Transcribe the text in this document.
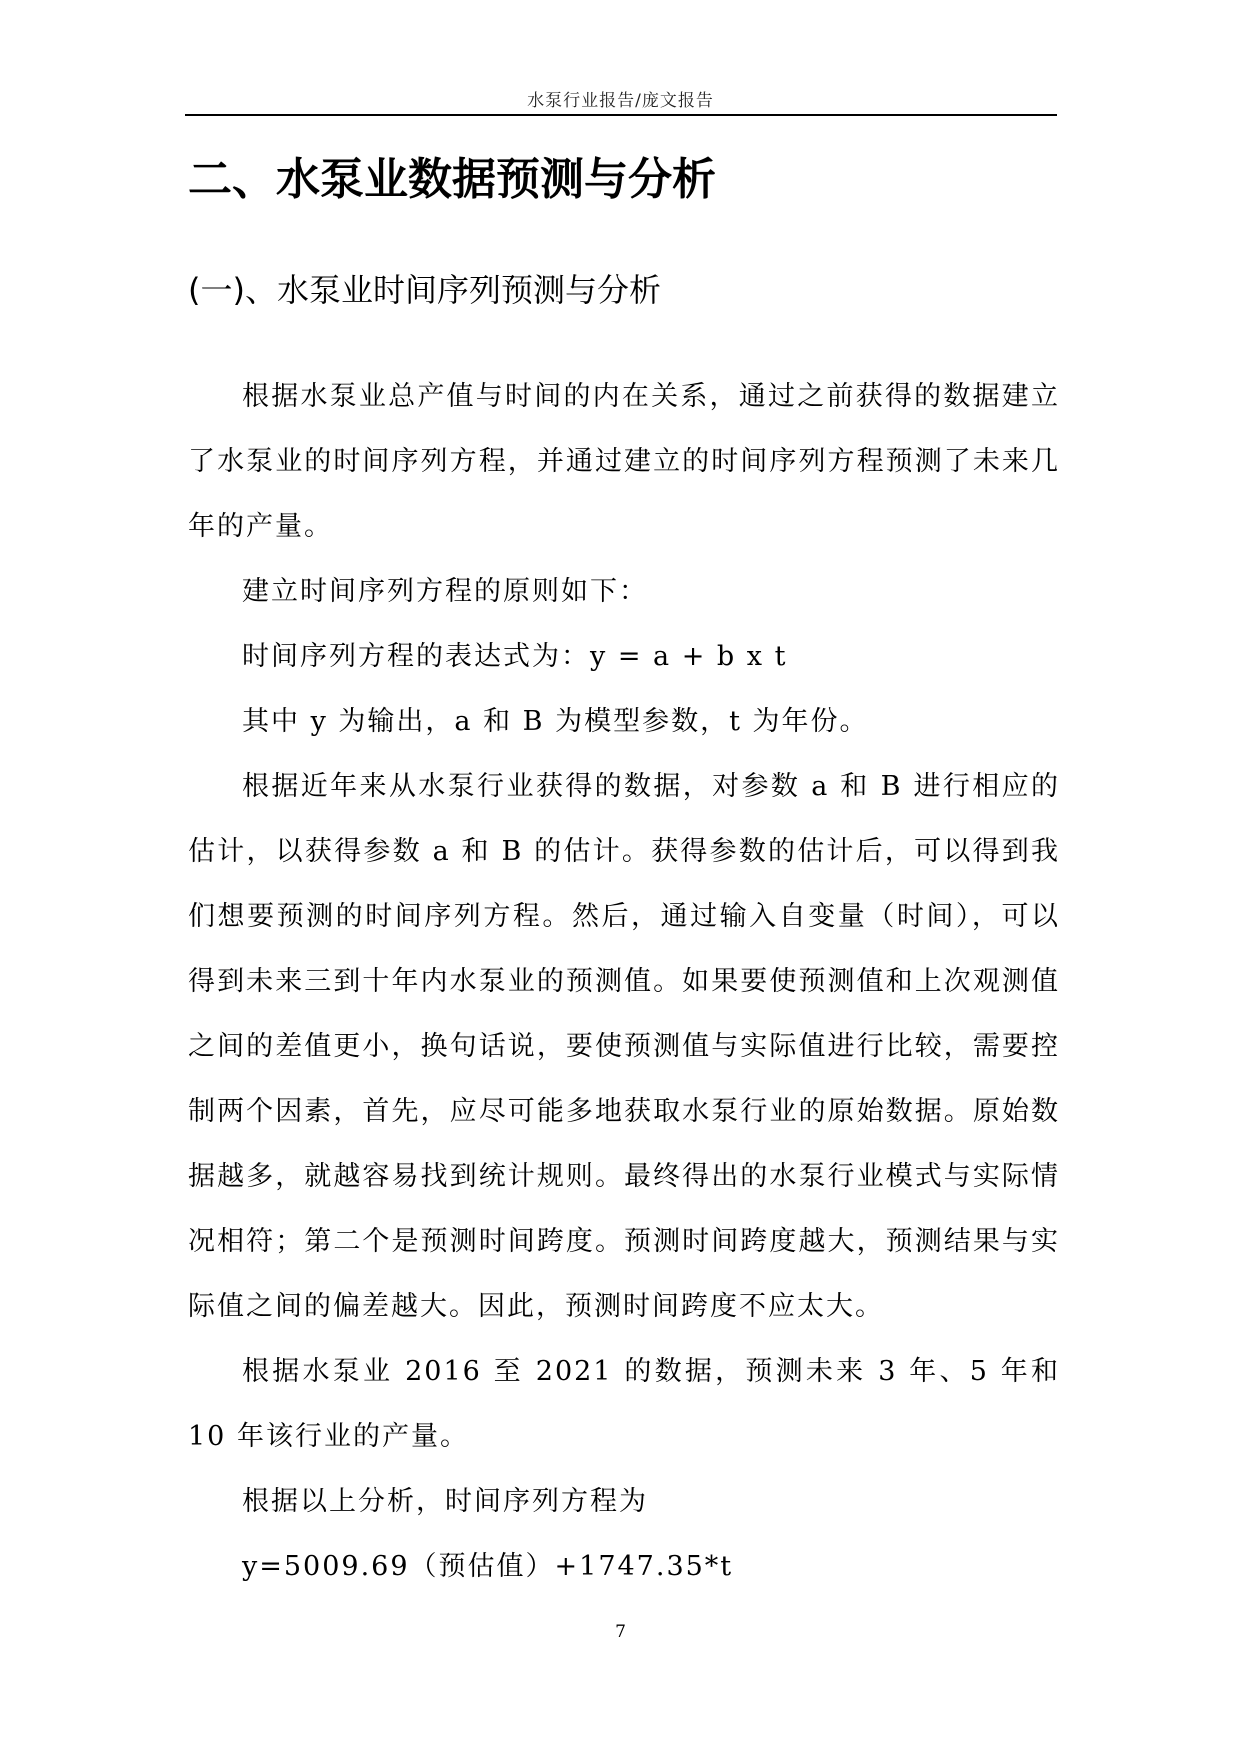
水泵行业报告/庞文报告
二、水泵业数据预测与分析
(一)、水泵业时间序列预测与分析

根据水泵业总产值与时间的内在关系，通过之前获得的数据建立了水泵业的时间序列方程，并通过建立的时间序列方程预测了未来几年的产量。

建立时间序列方程的原则如下：

时间序列方程的表达式为：y = a + b x t

其中 y 为输出，a 和 B 为模型参数，t 为年份。

根据近年来从水泵行业获得的数据，对参数 a 和 B 进行相应的估计，以获得参数 a 和 B 的估计。获得参数的估计后，可以得到我们想要预测的时间序列方程。然后，通过输入自变量（时间），可以得到未来三到十年内水泵业的预测值。如果要使预测值和上次观测值之间的差值更小，换句话说，要使预测值与实际值进行比较，需要控制两个因素，首先，应尽可能多地获取水泵行业的原始数据。原始数据越多，就越容易找到统计规则。最终得出的水泵行业模式与实际情况相符；第二个是预测时间跨度。预测时间跨度越大，预测结果与实际值之间的偏差越大。因此，预测时间跨度不应太大。

根据水泵业 2016 至 2021 的数据，预测未来 3 年、5 年和 10 年该行业的产量。

根据以上分析，时间序列方程为

y=5009.69（预估值）+1747.35*t

7
